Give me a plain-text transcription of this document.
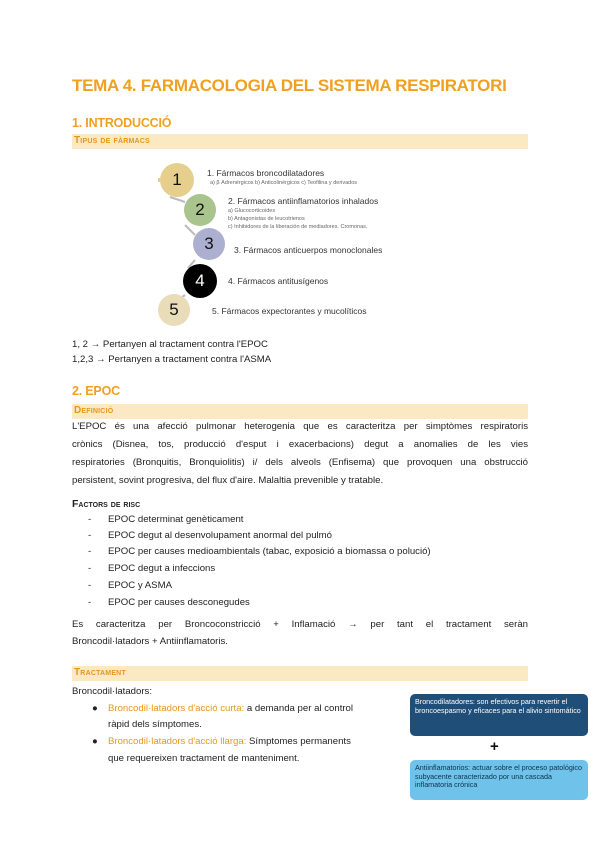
TEMA 4. FARMACOLOGIA DEL SISTEMA RESPIRATORI
1. INTRODUCCIÓ
Tipus de fàrmacs
1
2
3
4
5
1. Fármacos broncodilatadores
a) β Adrenérgicos b) Anticolinérgicos c) Teofilina y derivados
2. Fármacos antiinflamatorios inhalados
a) Glucocorticoides
b) Antagonistas de leucotrienos
c) Inhibidores de la liberación de mediadores. Cromonas.
3. Fármacos anticuerpos monoclonales
4. Fármacos antitusígenos
5. Fármacos expectorantes y mucolíticos
1, 2 → Pertanyen al tractament contra l'EPOC
1,2,3 → Pertanyen a tractament contra l'ASMA
2. EPOC
Definició
L'EPOC és una afecció pulmonar heterogenia que es caracteritza per simptòmes respiratoris
crònics (Disnea, tos, producció d'esput i exacerbacions) degut a anomalies de les vies
respiratories (Bronquitis, Bronquiolitis) i/ dels alveols (Enfisema) que provoquen una obstrucció
persistent, sovint progresiva, del flux d'aire. Malaltia prevenible y tratable.
Factors de risc
- EPOC determinat genèticament
- EPOC degut al desenvolupament anormal del pulmó
- EPOC per causes medioambientals (tabac, exposició a biomassa o polució)
- EPOC degut a infeccions
- EPOC y ASMA
- EPOC per causes desconegudes
Es caracteritza per Broncoconstricció + Inflamació → per tant el tractament seràn
Broncodil·latadors + Antiinflamatoris.
Tractament
Broncodil·latadors:
● Broncodil·latadors d'acció curta: a demanda per al control
ràpid dels símptomes.
● Broncodil·latadors d'acció llarga: Símptomes permanents
que requereixen tractament de manteniment.
Broncodilatadores: son efectivos para revertir el broncoespasmo y eficaces para el alivio sintomático
+
Antiinflamatorios: actuar sobre el proceso patológico subyacente caracterizado por una cascada inflamatoria crónica
